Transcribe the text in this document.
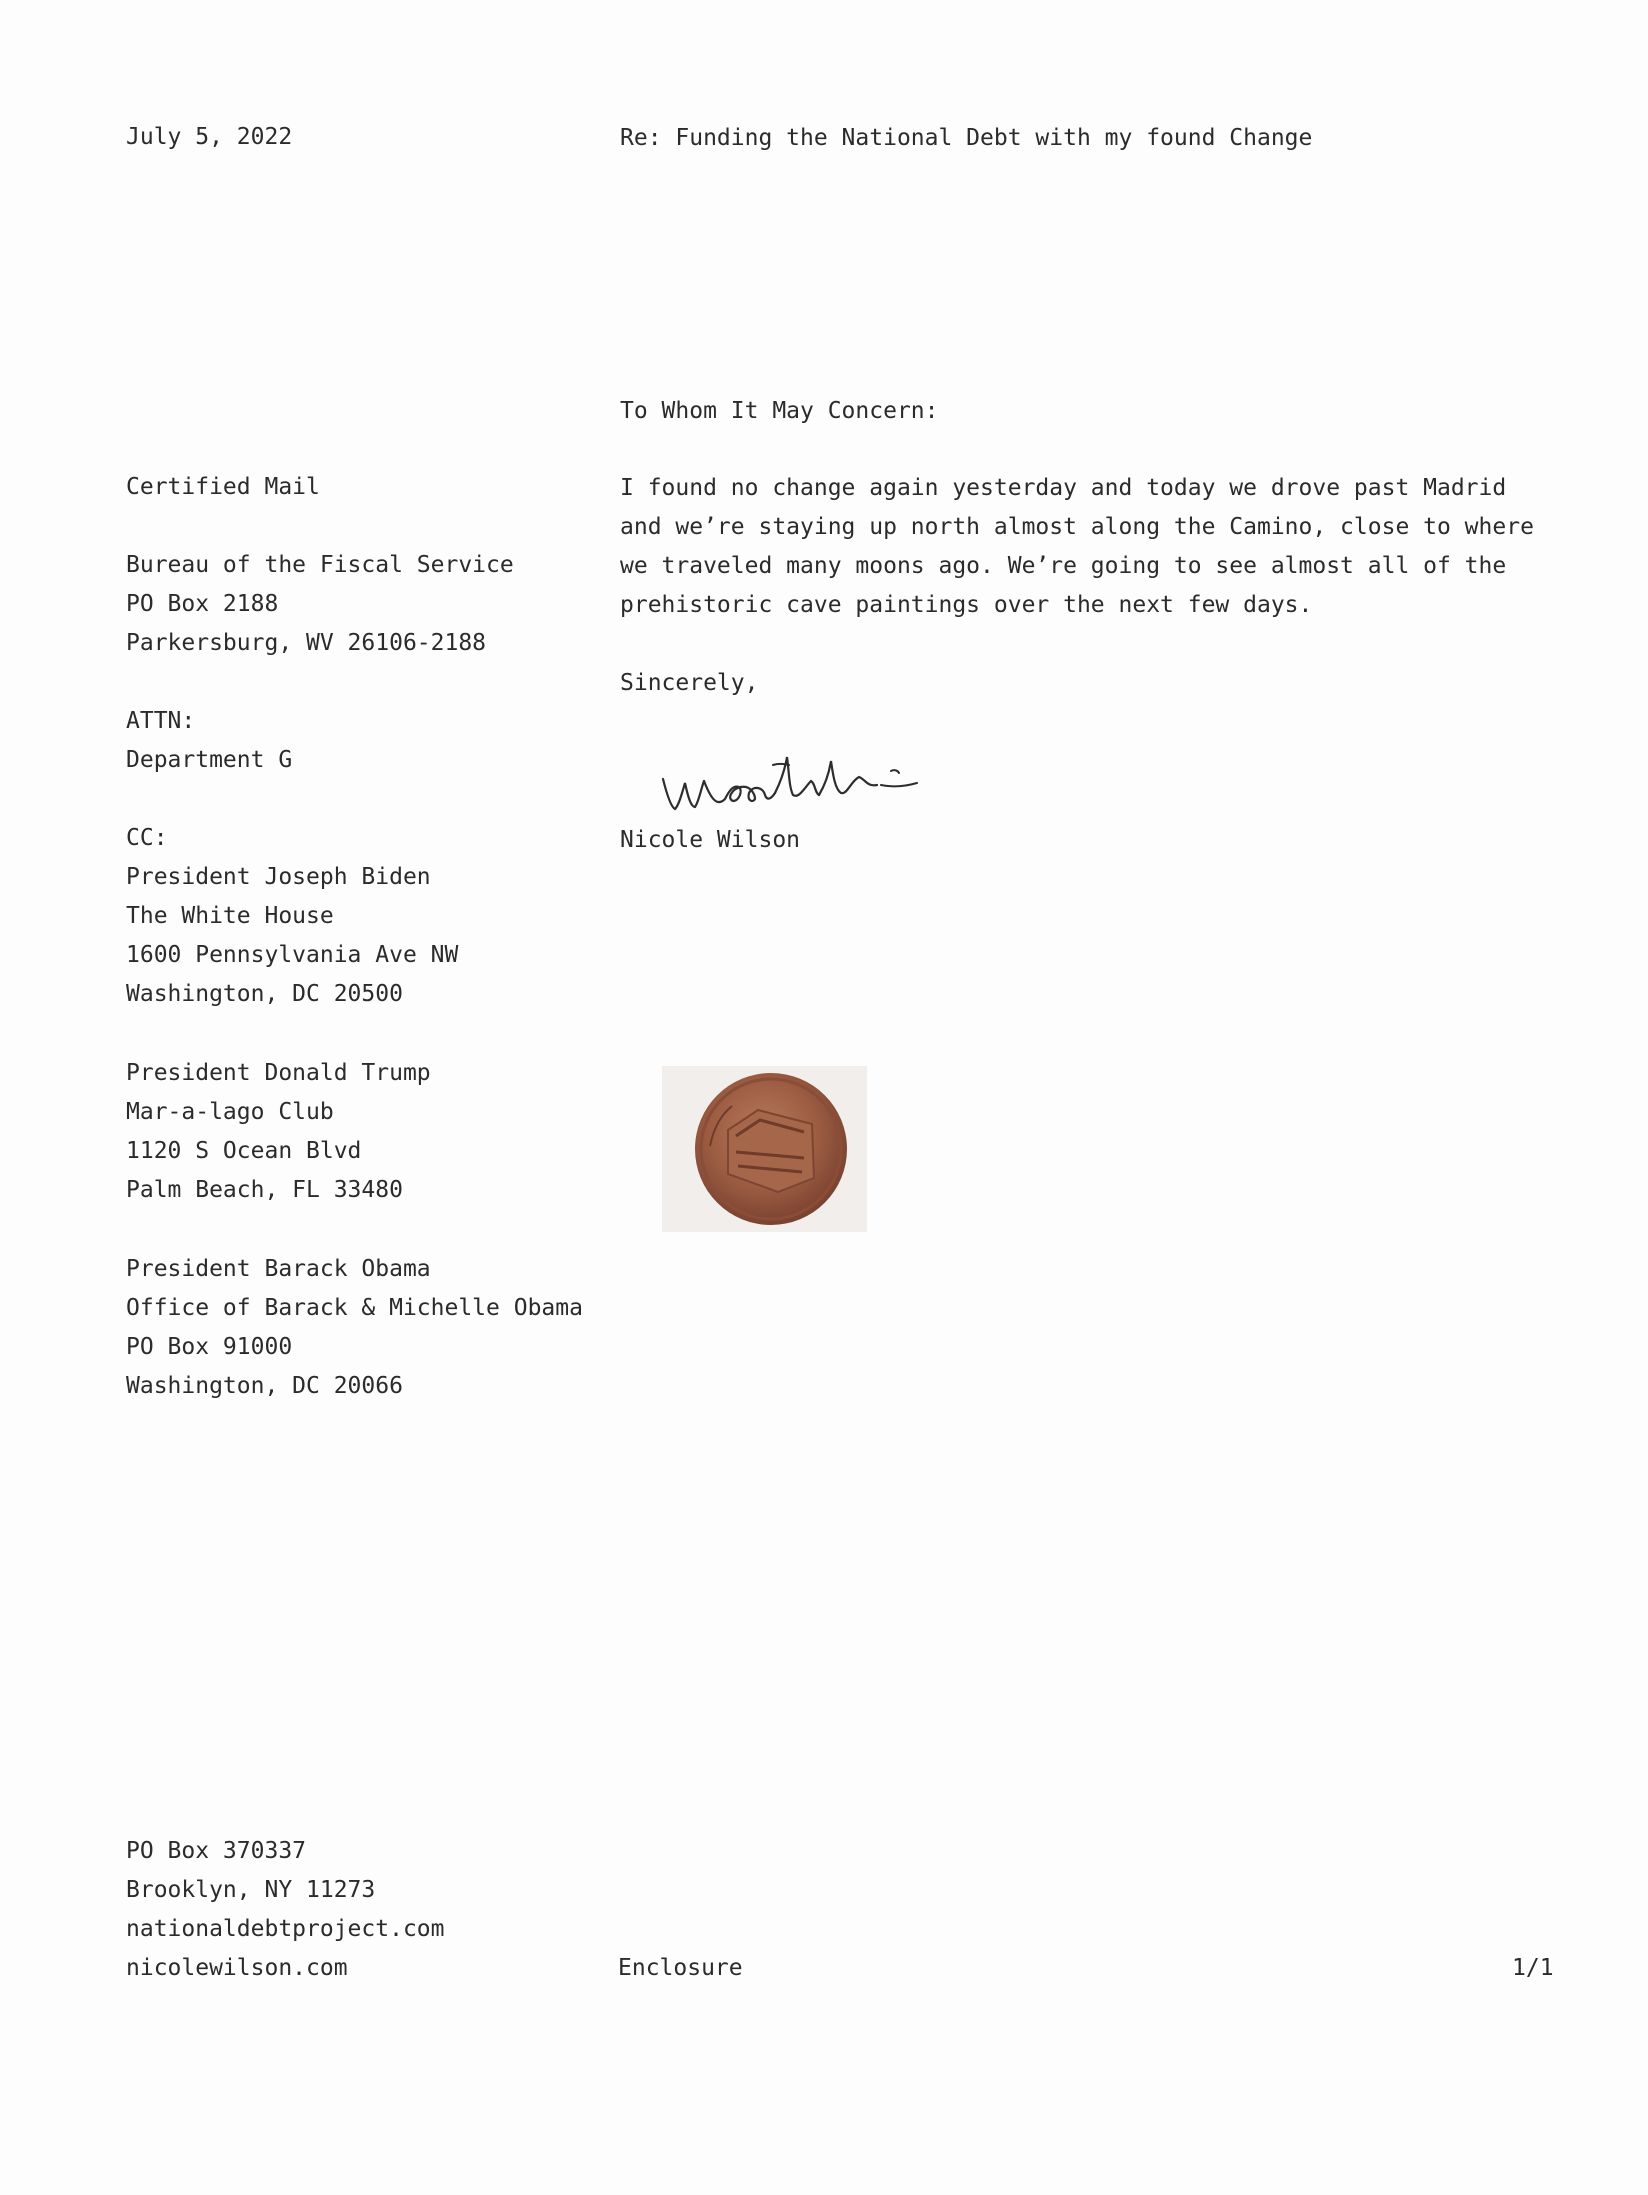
July 5, 2022	Re: Funding the National Debt with my found Change
To Whom It May Concern:
Certified Mail
Bureau of the Fiscal Service
PO Box 2188
Parkersburg, WV 26106-2188
ATTN:
Department G
CC:
President Joseph Biden
The White House
1600 Pennsylvania Ave NW
Washington, DC 20500
President Donald Trump
Mar-a-lago Club
1120 S Ocean Blvd
Palm Beach, FL 33480
President Barack Obama
Office of Barack & Michelle Obama
PO Box 91000
Washington, DC 20066
I found no change again yesterday and today we drove past Madrid
and we’re staying up north almost along the Camino, close to where
we traveled many moons ago. We’re going to see almost all of the
prehistoric cave paintings over the next few days.
Sincerely,
Nicole Wilson
PO Box 370337
Brooklyn, NY 11273
nationaldebtproject.com
nicolewilson.com	Enclosure	1/1
